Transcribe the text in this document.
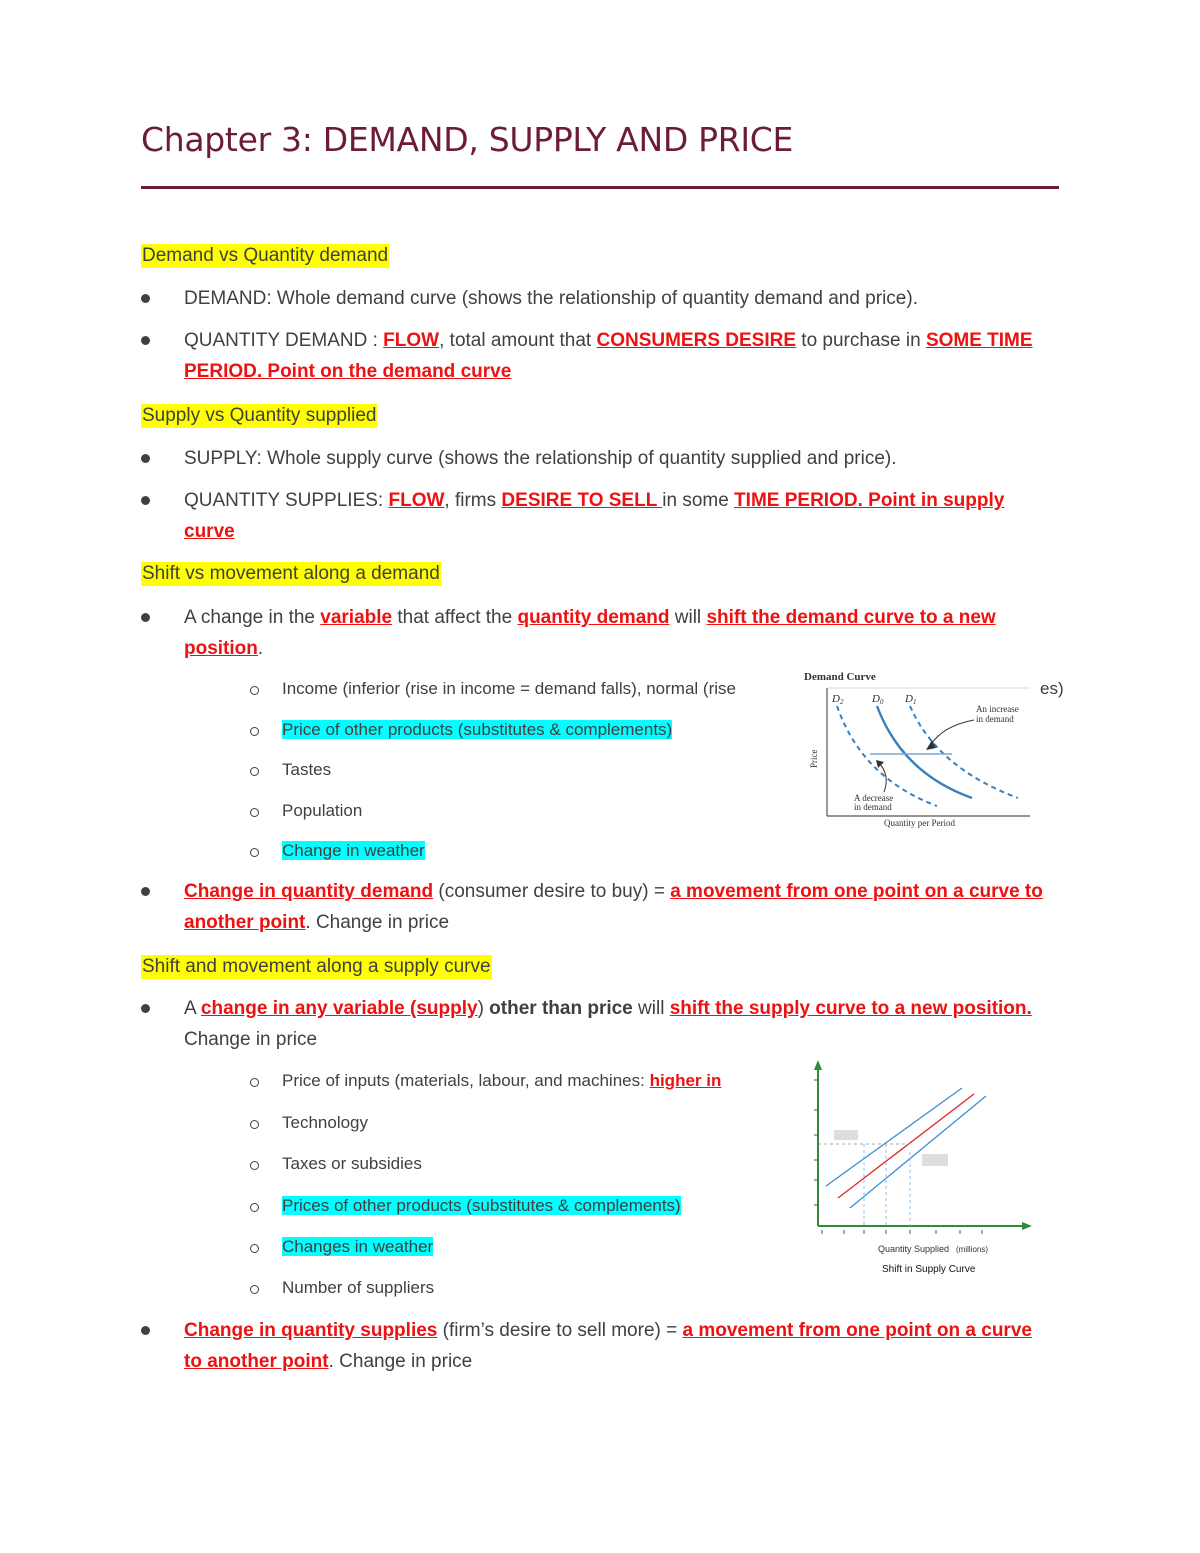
Chapter 3: DEMAND, SUPPLY AND PRICE
Demand vs Quantity demand
DEMAND: Whole demand curve (shows the relationship of quantity demand and price).
QUANTITY DEMAND : FLOW, total amount that CONSUMERS DESIRE to purchase in SOME TIME PERIOD. Point on the demand curve
Supply vs Quantity supplied
SUPPLY: Whole supply curve (shows the relationship of quantity supplied and price).
QUANTITY SUPPLIES: FLOW, firms DESIRE TO SELL in some TIME PERIOD. Point in supply curve
Shift vs movement along a demand
A change in the variable that affect the quantity demand will shift the demand curve to a new position.
Income (inferior (rise in income = demand falls), normal (rise	es)
Price of other products (substitutes & complements)
Tastes
Population
Change in weather
Demand Curve
D2	D0 D1
An increase
in demand
A decrease
in demand
Price
Quantity per Period
Change in quantity demand (consumer desire to buy) = a movement from one point on a curve to another point. Change in price
Shift and movement along a supply curve
A change in any variable (supply) other than price will shift the supply curve to a new position. Change in price
Price of inputs (materials, labour, and machines: higher in
Technology
Taxes or subsidies
Prices of other products (substitutes & complements)
Changes in weather
Number of suppliers
Quantity Supplied (millions)
Shift in Supply Curve
Change in quantity supplies (firm’s desire to sell more) = a movement from one point on a curve to another point. Change in price
